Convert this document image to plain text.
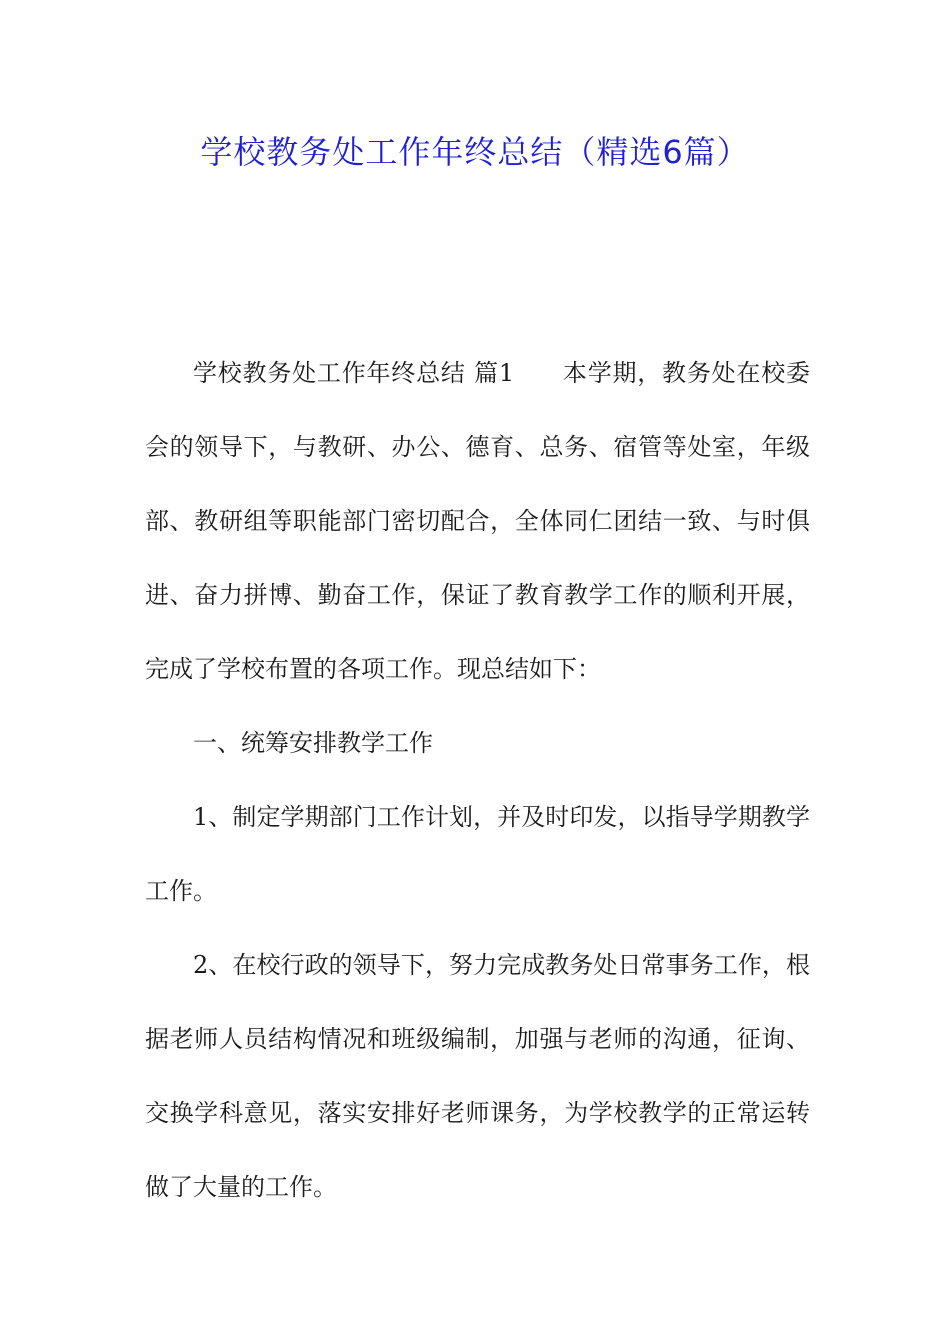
学校教务处工作年终总结（精选6篇）

学校教务处工作年终总结 篇1 本学期，教务处在校委会的领导下，与教研、办公、德育、总务、宿管等处室，年级部、教研组等职能部门密切配合，全体同仁团结一致、与时俱进、奋力拼博、勤奋工作，保证了教育教学工作的顺利开展，完成了学校布置的各项工作。现总结如下：

一、统筹安排教学工作

1、制定学期部门工作计划，并及时印发，以指导学期教学工作。

2、在校行政的领导下，努力完成教务处日常事务工作，根据老师人员结构情况和班级编制，加强与老师的沟通，征询、交换学科意见，落实安排好老师课务，为学校教学的正常运转做了大量的工作。
